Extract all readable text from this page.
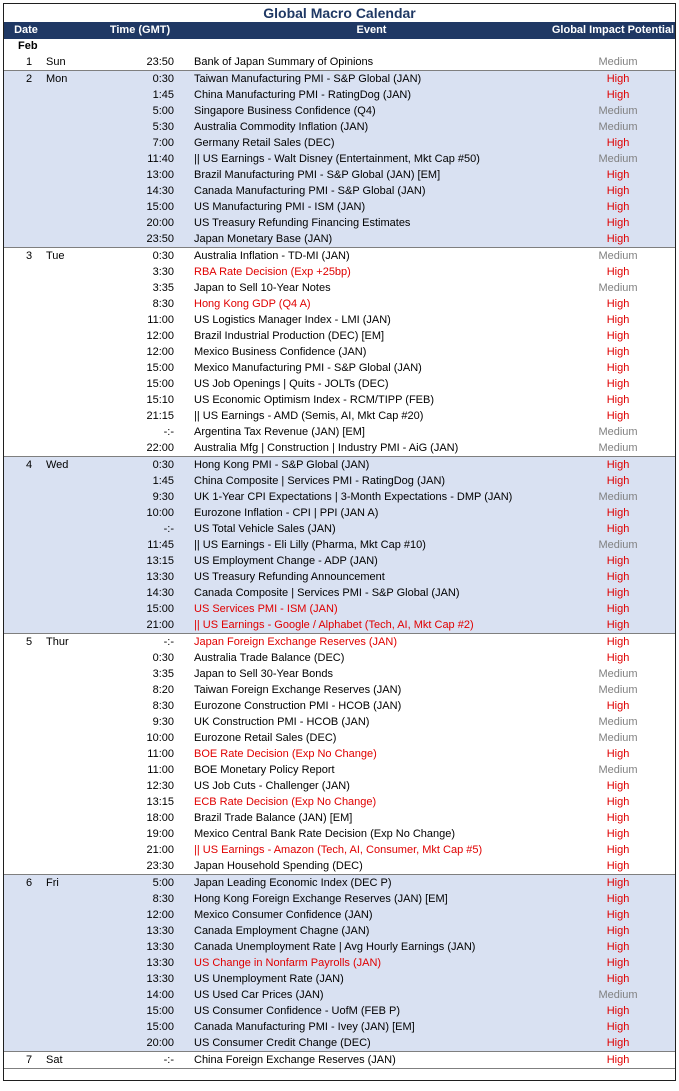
Global Macro Calendar
Date	Time (GMT)	Event	Global Impact Potential
Feb
1	Sun	23:50	Bank of Japan Summary of Opinions	Medium
2	Mon	0:30	Taiwan Manufacturing PMI - S&P Global (JAN)	High
1:45	China Manufacturing PMI - RatingDog (JAN)	High
5:00	Singapore Business Confidence (Q4)	Medium
5:30	Australia Commodity Inflation (JAN)	Medium
7:00	Germany Retail Sales (DEC)	High
11:40	|| US Earnings - Walt Disney (Entertainment, Mkt Cap #50)	Medium
13:00	Brazil Manufacturing PMI - S&P Global (JAN) [EM]	High
14:30	Canada Manufacturing PMI - S&P Global (JAN)	High
15:00	US Manufacturing PMI - ISM (JAN)	High
20:00	US Treasury Refunding Financing Estimates	High
23:50	Japan Monetary Base (JAN)	High
3	Tue	0:30	Australia Inflation - TD-MI (JAN)	Medium
3:30	RBA Rate Decision (Exp +25bp)	High
3:35	Japan to Sell 10-Year Notes	Medium
8:30	Hong Kong GDP (Q4 A)	High
11:00	US Logistics Manager Index - LMI (JAN)	High
12:00	Brazil Industrial Production (DEC) [EM]	High
12:00	Mexico Business Confidence (JAN)	High
15:00	Mexico Manufacturing PMI - S&P Global (JAN)	High
15:00	US Job Openings | Quits - JOLTs (DEC)	High
15:10	US Economic Optimism Index - RCM/TIPP (FEB)	High
21:15	|| US Earnings - AMD (Semis, AI, Mkt Cap #20)	High
-:-	Argentina Tax Revenue (JAN) [EM]	Medium
22:00	Australia Mfg | Construction | Industry PMI - AiG (JAN)	Medium
4	Wed	0:30	Hong Kong PMI - S&P Global (JAN)	High
1:45	China Composite | Services PMI - RatingDog (JAN)	High
9:30	UK 1-Year CPI Expectations | 3-Month Expectations - DMP (JAN)	Medium
10:00	Eurozone Inflation - CPI | PPI (JAN A)	High
-:-	US Total Vehicle Sales (JAN)	High
11:45	|| US Earnings - Eli Lilly (Pharma, Mkt Cap #10)	Medium
13:15	US Employment Change - ADP (JAN)	High
13:30	US Treasury Refunding Announcement	High
14:30	Canada Composite | Services PMI - S&P Global (JAN)	High
15:00	US Services PMI - ISM (JAN)	High
21:00	|| US Earnings - Google / Alphabet (Tech, AI, Mkt Cap #2)	High
5	Thur	-:-	Japan Foreign Exchange Reserves (JAN)	High
0:30	Australia Trade Balance (DEC)	High
3:35	Japan to Sell 30-Year Bonds	Medium
8:20	Taiwan Foreign Exchange Reserves (JAN)	Medium
8:30	Eurozone Construction PMI - HCOB (JAN)	High
9:30	UK Construction PMI - HCOB (JAN)	Medium
10:00	Eurozone Retail Sales (DEC)	Medium
11:00	BOE Rate Decision (Exp No Change)	High
11:00	BOE Monetary Policy Report	Medium
12:30	US Job Cuts - Challenger (JAN)	High
13:15	ECB Rate Decision (Exp No Change)	High
18:00	Brazil Trade Balance (JAN) [EM]	High
19:00	Mexico Central Bank Rate Decision (Exp No Change)	High
21:00	|| US Earnings - Amazon (Tech, AI, Consumer, Mkt Cap #5)	High
23:30	Japan Household Spending (DEC)	High
6	Fri	5:00	Japan Leading Economic Index (DEC P)	High
8:30	Hong Kong Foreign Exchange Reserves (JAN) [EM]	High
12:00	Mexico Consumer Confidence (JAN)	High
13:30	Canada Employment Chagne (JAN)	High
13:30	Canada Unemployment Rate | Avg Hourly Earnings (JAN)	High
13:30	US Change in Nonfarm Payrolls (JAN)	High
13:30	US Unemployment Rate (JAN)	High
14:00	US Used Car Prices (JAN)	Medium
15:00	US Consumer Confidence - UofM (FEB P)	High
15:00	Canada Manufacturing PMI - Ivey (JAN) [EM]	High
20:00	US Consumer Credit Change (DEC)	High
7	Sat	-:-	China Foreign Exchange Reserves (JAN)	High
